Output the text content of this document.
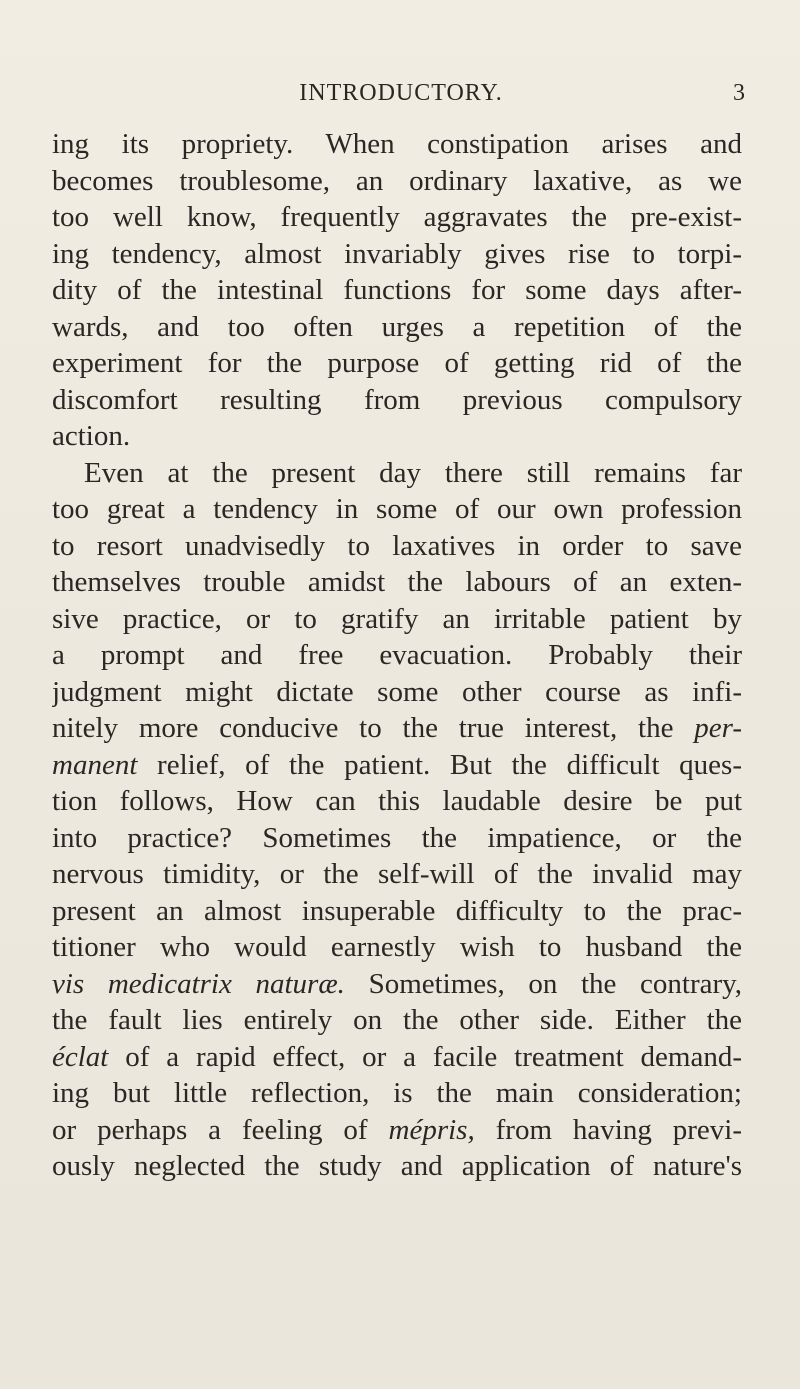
INTRODUCTORY.	3
ing its propriety. When constipation arises and
becomes troublesome, an ordinary laxative, as we
too well know, frequently aggravates the pre-exist-
ing tendency, almost invariably gives rise to torpi-
dity of the intestinal functions for some days after-
wards, and too often urges a repetition of the
experiment for the purpose of getting rid of the
discomfort resulting from previous compulsory
action.
Even at the present day there still remains far
too great a tendency in some of our own profession
to resort unadvisedly to laxatives in order to save
themselves trouble amidst the labours of an exten-
sive practice, or to gratify an irritable patient by
a prompt and free evacuation. Probably their
judgment might dictate some other course as infi-
nitely more conducive to the true interest, the per-
manent relief, of the patient. But the difficult ques-
tion follows, How can this laudable desire be put
into practice? Sometimes the impatience, or the
nervous timidity, or the self-will of the invalid may
present an almost insuperable difficulty to the prac-
titioner who would earnestly wish to husband the
vis medicatrix naturæ. Sometimes, on the contrary,
the fault lies entirely on the other side. Either the
éclat of a rapid effect, or a facile treatment demand-
ing but little reflection, is the main consideration;
or perhaps a feeling of mépris, from having previ-
ously neglected the study and application of nature's
